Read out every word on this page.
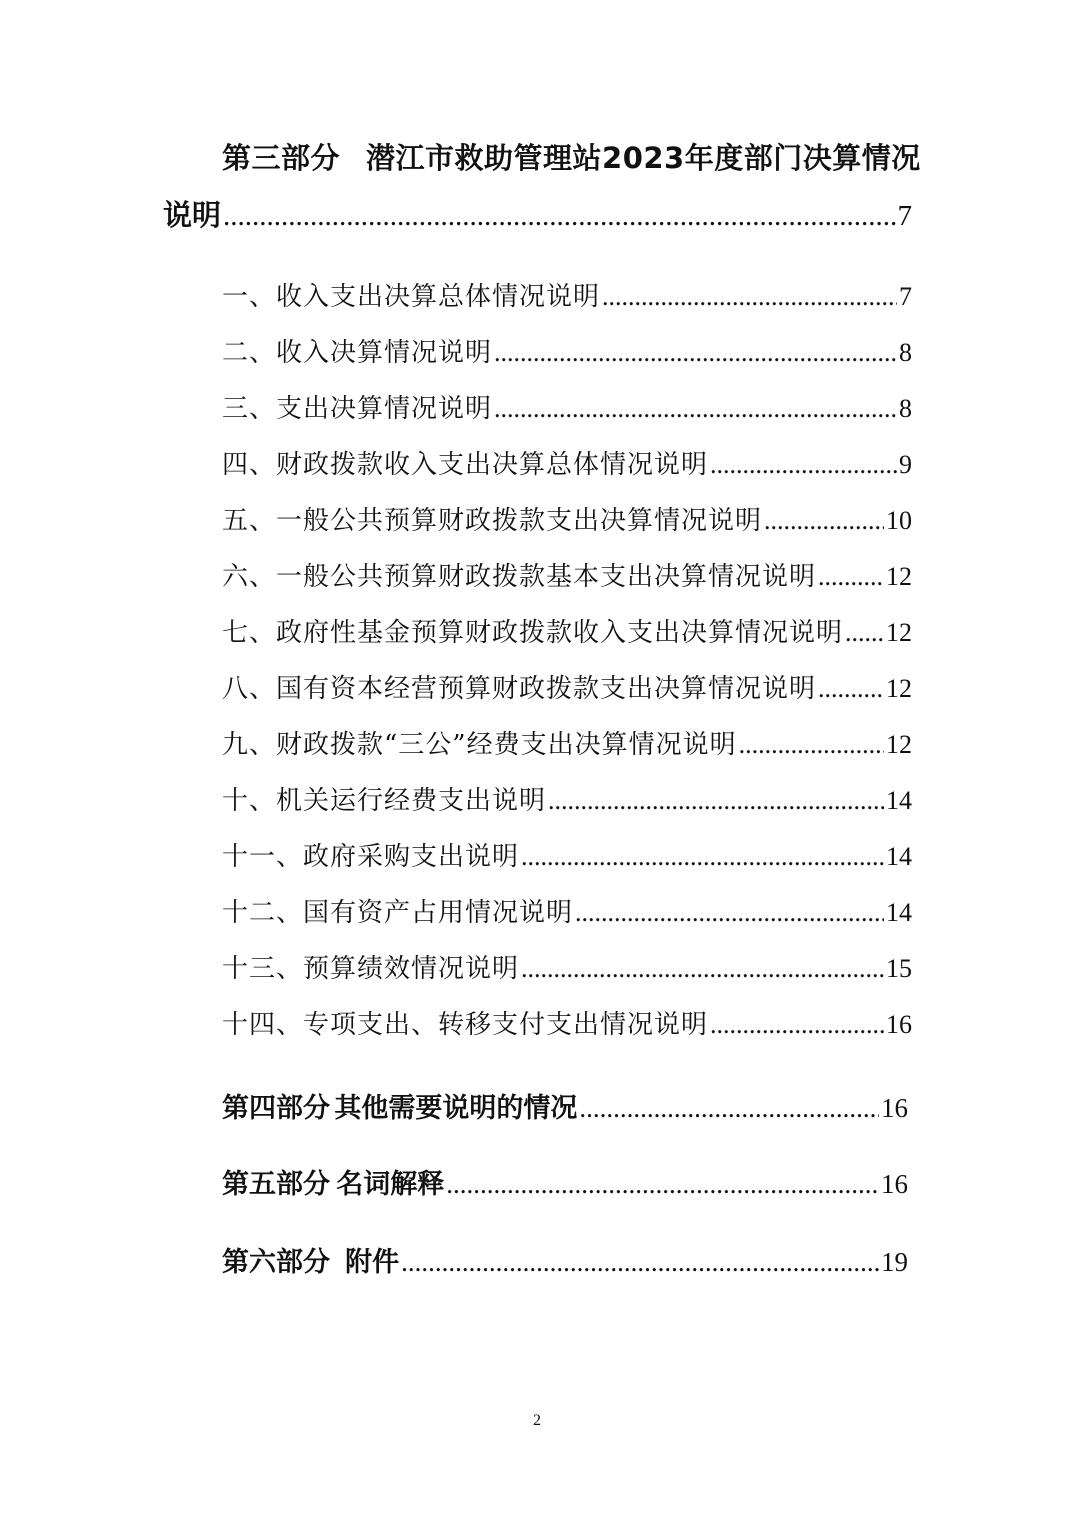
第三部分 潜江市救助管理站2023年度部门决算情况
说明 .....	7
一、收入支出决算总体情况说明 .....	7
二、收入决算情况说明 .....	8
三、支出决算情况说明 .....	8
四、财政拨款收入支出决算总体情况说明 .....	9
五、一般公共预算财政拨款支出决算情况说明 .....	10
六、一般公共预算财政拨款基本支出决算情况说明 .....	12
七、政府性基金预算财政拨款收入支出决算情况说明 ..... 12
八、国有资本经营预算财政拨款支出决算情况说明 .....	12
九、财政拨款“三公”经费支出决算情况说明 .....	12
十、机关运行经费支出说明 .....	14
十一、政府采购支出说明 .....	14
十二、国有资产占用情况说明 .....	14
十三、预算绩效情况说明 .....	15
十四、专项支出、转移支付支出情况说明 .....	16
第四部分 其他需要说明的情况 .....	16
第五部分 名词解释 .....	16
第六部分 附件 .....	19
2
